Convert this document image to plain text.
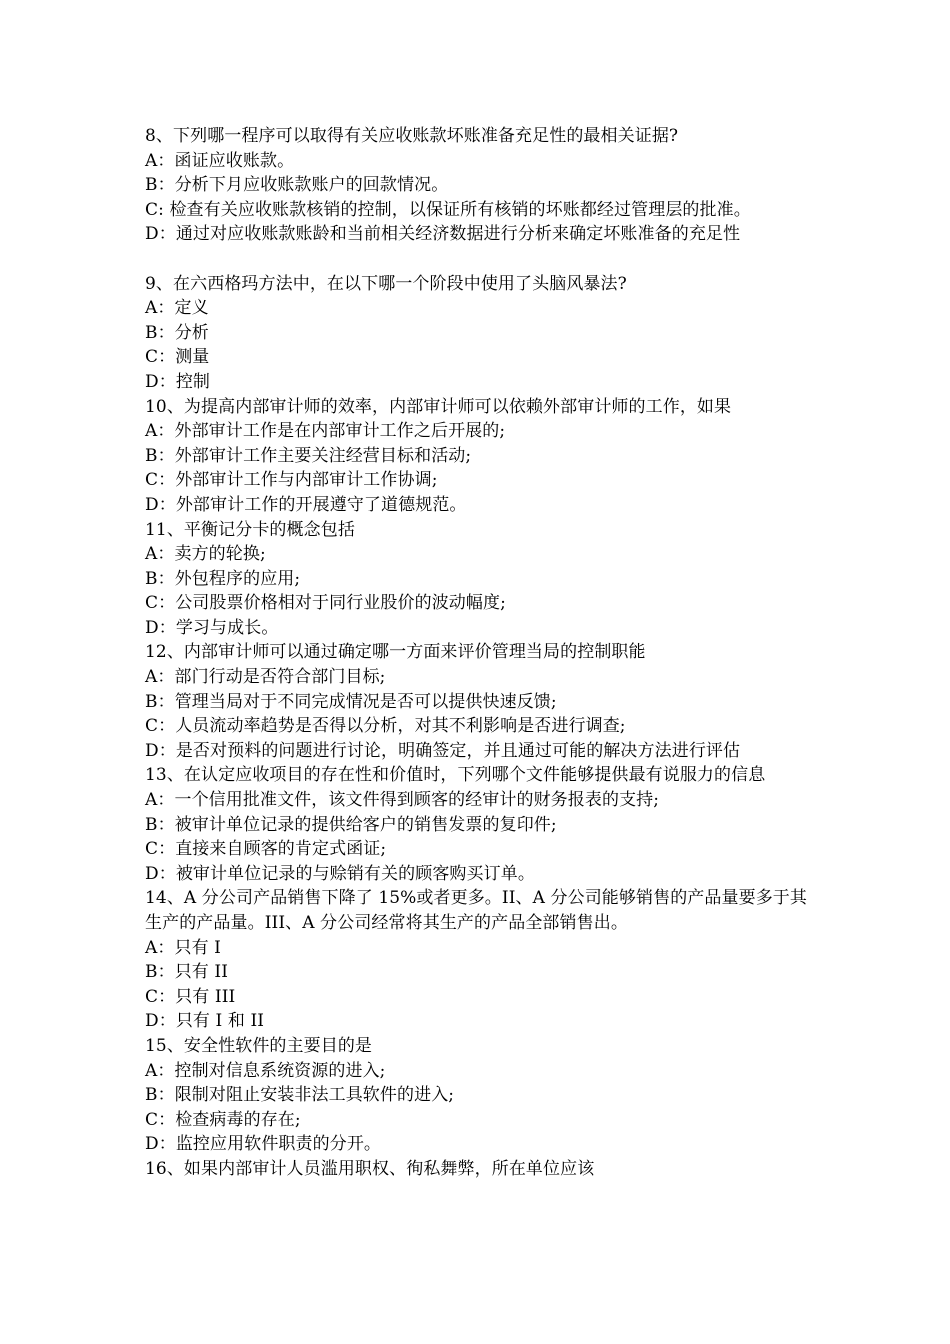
8、下列哪一程序可以取得有关应收账款坏账准备充足性的最相关证据?
A：函证应收账款。
B：分析下月应收账款账户的回款情况。
C: 检查有关应收账款核销的控制，以保证所有核销的坏账都经过管理层的批准。
D：通过对应收账款账龄和当前相关经济数据进行分析来确定坏账准备的充足性
9、在六西格玛方法中，在以下哪一个阶段中使用了头脑风暴法?
A：定义
B：分析
C：测量
D：控制
10、为提高内部审计师的效率，内部审计师可以依赖外部审计师的工作，如果
A：外部审计工作是在内部审计工作之后开展的;
B：外部审计工作主要关注经营目标和活动;
C：外部审计工作与内部审计工作协调;
D：外部审计工作的开展遵守了道德规范。
11、平衡记分卡的概念包括
A：卖方的轮换;
B：外包程序的应用;
C：公司股票价格相对于同行业股价的波动幅度;
D：学习与成长。
12、内部审计师可以通过确定哪一方面来评价管理当局的控制职能
A：部门行动是否符合部门目标;
B：管理当局对于不同完成情况是否可以提供快速反馈;
C：人员流动率趋势是否得以分析，对其不利影响是否进行调查;
D：是否对预料的问题进行讨论，明确签定，并且通过可能的解决方法进行评估
13、在认定应收项目的存在性和价值时，下列哪个文件能够提供最有说服力的信息
A：一个信用批准文件，该文件得到顾客的经审计的财务报表的支持;
B：被审计单位记录的提供给客户的销售发票的复印件;
C：直接来自顾客的肯定式函证;
D：被审计单位记录的与赊销有关的顾客购买订单。
14、A 分公司产品销售下降了 15%或者更多。II、A 分公司能够销售的产品量要多于其生产的产品量。III、A 分公司经常将其生产的产品全部销售出。
A：只有 I
B：只有 II
C：只有 III
D：只有 I 和 II
15、安全性软件的主要目的是
A：控制对信息系统资源的进入;
B：限制对阻止安装非法工具软件的进入;
C：检查病毒的存在;
D：监控应用软件职责的分开。
16、如果内部审计人员滥用职权、徇私舞弊，所在单位应该
